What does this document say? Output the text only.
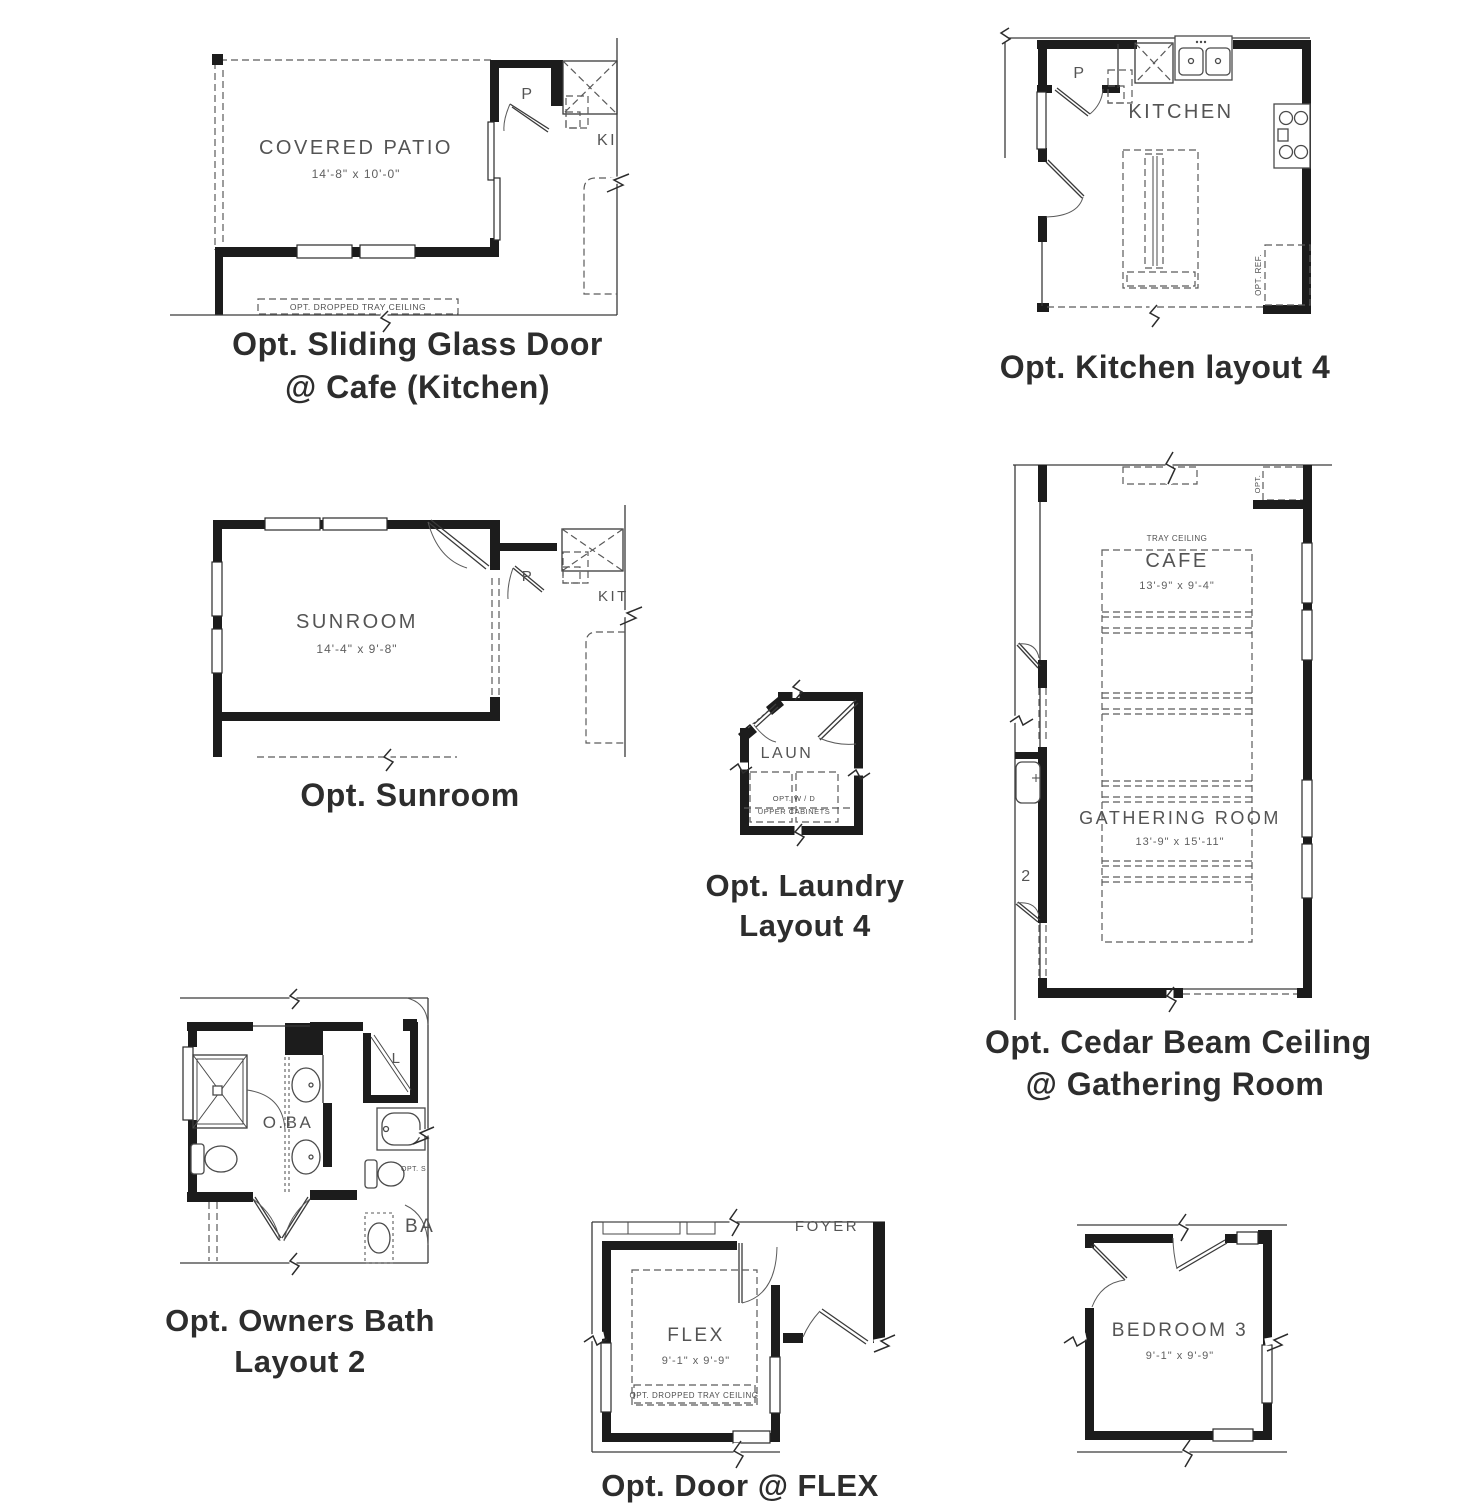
COVERED PATIO
14'-8" x 10'-0"
P
KI
OPT. DROPPED TRAY CEILING
Opt. Sliding Glass Door
@ Cafe (Kitchen)
KITCHEN
P
OPT. REF.
Opt. Kitchen layout 4
SUNROOM
14'-4" x 9'-8"
P
KIT
Opt. Sunroom
LAUN
OPT. W / D
UPPER CABINETS
Opt. Laundry
Layout 4
TRAY CEILING
CAFE
13'-9" x 9'-4"
GATHERING ROOM
13'-9" x 15'-11"
OPT.
2
Opt. Cedar Beam Ceiling
@ Gathering Room
O.BA
L
OPT. S
BA
Opt. Owners Bath
Layout 2
FOYER
FLEX
9'-1" x 9'-9"
OPT. DROPPED TRAY CEILING
Opt. Door @ FLEX
BEDROOM 3
9'-1" x 9'-9"
